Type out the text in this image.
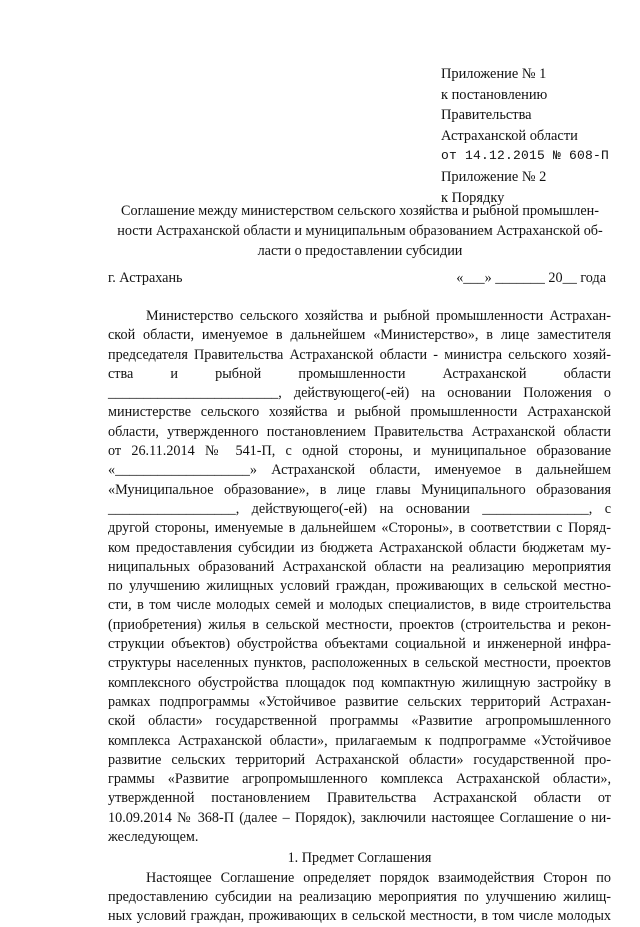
Приложение № 1
к постановлению
Правительства
Астраханской области
от 14.12.2015 № 608-П
Приложение № 2
к Порядку
Соглашение между министерством сельского хозяйства и рыбной промышлен-
ности Астраханской области и муниципальным образованием Астраханской об-
ласти о предоставлении субсидии
г. Астрахань	«___» _______ 20__ года
Министерство сельского хозяйства и рыбной промышленности Астрахан-
ской области, именуемое в дальнейшем «Министерство», в лице заместителя
председателя Правительства Астраханской области - министра сельского хозяй-
ства и рыбной промышленности Астраханской области
________________________, действующего(-ей) на основании Положения о
министерстве сельского хозяйства и рыбной промышленности Астраханской
области, утвержденного постановлением Правительства Астраханской области
от 26.11.2014 № 541-П, с одной стороны, и муниципальное образование
«___________________» Астраханской области, именуемое в дальнейшем
«Муниципальное образование», в лице главы Муниципального образования
__________________, действующего(-ей) на основании _______________, с
другой стороны, именуемые в дальнейшем «Стороны», в соответствии с Поряд-
ком предоставления субсидии из бюджета Астраханской области бюджетам му-
ниципальных образований Астраханской области на реализацию мероприятия
по улучшению жилищных условий граждан, проживающих в сельской местно-
сти, в том числе молодых семей и молодых специалистов, в виде строительства
(приобретения) жилья в сельской местности, проектов (строительства и рекон-
струкции объектов) обустройства объектами социальной и инженерной инфра-
структуры населенных пунктов, расположенных в сельской местности, проектов
комплексного обустройства площадок под компактную жилищную застройку в
рамках подпрограммы «Устойчивое развитие сельских территорий Астрахан-
ской области» государственной программы «Развитие агропромышленного
комплекса Астраханской области», прилагаемым к подпрограмме «Устойчивое
развитие сельских территорий Астраханской области» государственной про-
граммы «Развитие агропромышленного комплекса Астраханской области»,
утвержденной постановлением Правительства Астраханской области от
10.09.2014 № 368-П (далее – Порядок), заключили настоящее Соглашение о ни-
жеследующем.
1. Предмет Соглашения
Настоящее Соглашение определяет порядок взаимодействия Сторон по
предоставлению субсидии на реализацию мероприятия по улучшению жилищ-
ных условий граждан, проживающих в сельской местности, в том числе молодых
